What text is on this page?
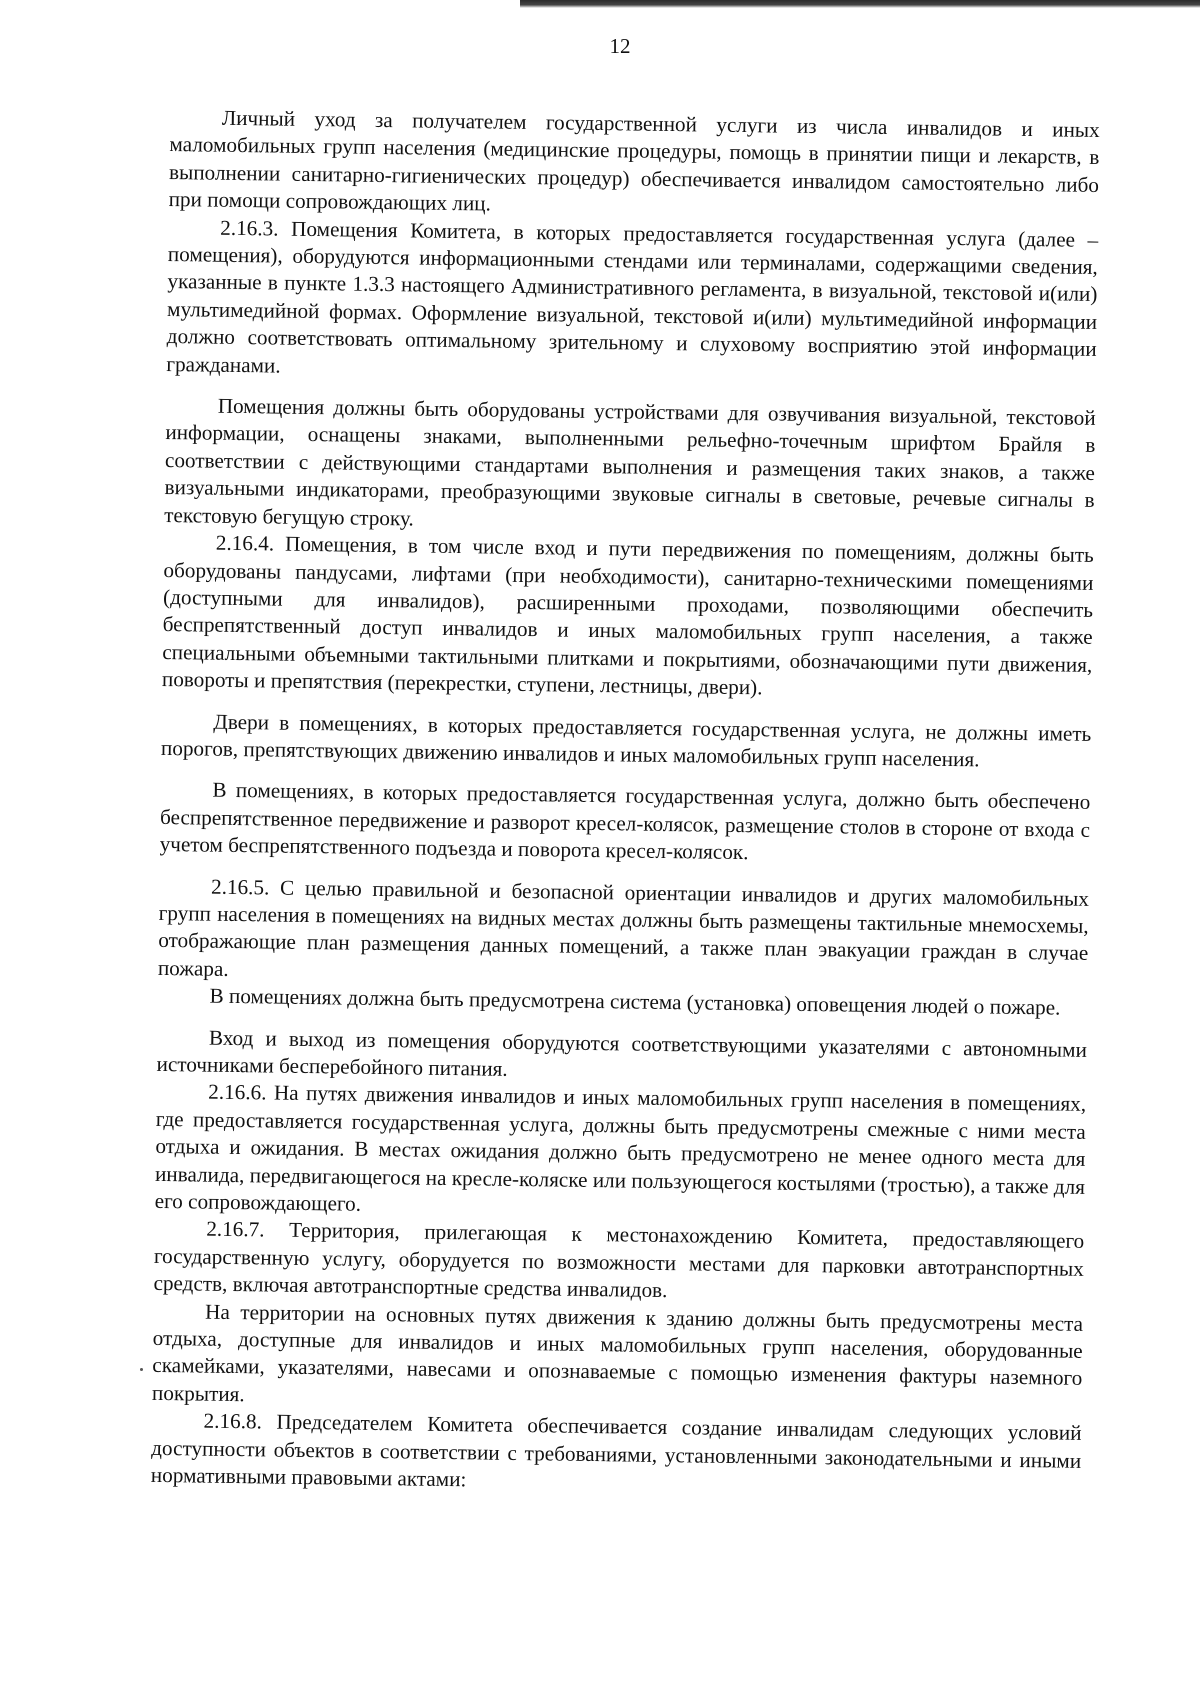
12

Личный уход за получателем государственной услуги из числа инвалидов и иных маломобильных групп населения (медицинские процедуры, помощь в принятии пищи и лекарств, в выполнении санитарно-гигиенических процедур) обеспечивается инвалидом самостоятельно либо при помощи сопровождающих лиц.

2.16.3. Помещения Комитета, в которых предоставляется государственная услуга (далее – помещения), оборудуются информационными стендами или терминалами, содержащими сведения, указанные в пункте 1.3.3 настоящего Административного регламента, в визуальной, текстовой и(или) мультимедийной формах. Оформление визуальной, текстовой и(или) мультимедийной информации должно соответствовать оптимальному зрительному и слуховому восприятию этой информации гражданами.

Помещения должны быть оборудованы устройствами для озвучивания визуальной, текстовой информации, оснащены знаками, выполненными рельефно-точечным шрифтом Брайля в соответствии с действующими стандартами выполнения и размещения таких знаков, а также визуальными индикаторами, преобразующими звуковые сигналы в световые, речевые сигналы в текстовую бегущую строку.

2.16.4. Помещения, в том числе вход и пути передвижения по помещениям, должны быть оборудованы пандусами, лифтами (при необходимости), санитарно-техническими помещениями (доступными для инвалидов), расширенными проходами, позволяющими обеспечить беспрепятственный доступ инвалидов и иных маломобильных групп населения, а также специальными объемными тактильными плитками и покрытиями, обозначающими пути движения, повороты и препятствия (перекрестки, ступени, лестницы, двери).

Двери в помещениях, в которых предоставляется государственная услуга, не должны иметь порогов, препятствующих движению инвалидов и иных маломобильных групп населения.

В помещениях, в которых предоставляется государственная услуга, должно быть обеспечено беспрепятственное передвижение и разворот кресел-колясок, размещение столов в стороне от входа с учетом беспрепятственного подъезда и поворота кресел-колясок.

2.16.5. С целью правильной и безопасной ориентации инвалидов и других маломобильных групп населения в помещениях на видных местах должны быть размещены тактильные мнемосхемы, отображающие план размещения данных помещений, а также план эвакуации граждан в случае пожара.

В помещениях должна быть предусмотрена система (установка) оповещения людей о пожаре.

Вход и выход из помещения оборудуются соответствующими указателями с автономными источниками бесперебойного питания.

2.16.6. На путях движения инвалидов и иных маломобильных групп населения в помещениях, где предоставляется государственная услуга, должны быть предусмотрены смежные с ними места отдыха и ожидания. В местах ожидания должно быть предусмотрено не менее одного места для инвалида, передвигающегося на кресле-коляске или пользующегося костылями (тростью), а также для его сопровождающего.

2.16.7. Территория, прилегающая к местонахождению Комитета, предоставляющего государственную услугу, оборудуется по возможности местами для парковки автотранспортных средств, включая автотранспортные средства инвалидов.

На территории на основных путях движения к зданию должны быть предусмотрены места отдыха, доступные для инвалидов и иных маломобильных групп населения, оборудованные скамейками, указателями, навесами и опознаваемые с помощью изменения фактуры наземного покрытия.

2.16.8. Председателем Комитета обеспечивается создание инвалидам следующих условий доступности объектов в соответствии с требованиями, установленными законодательными и иными нормативными правовыми актами:
